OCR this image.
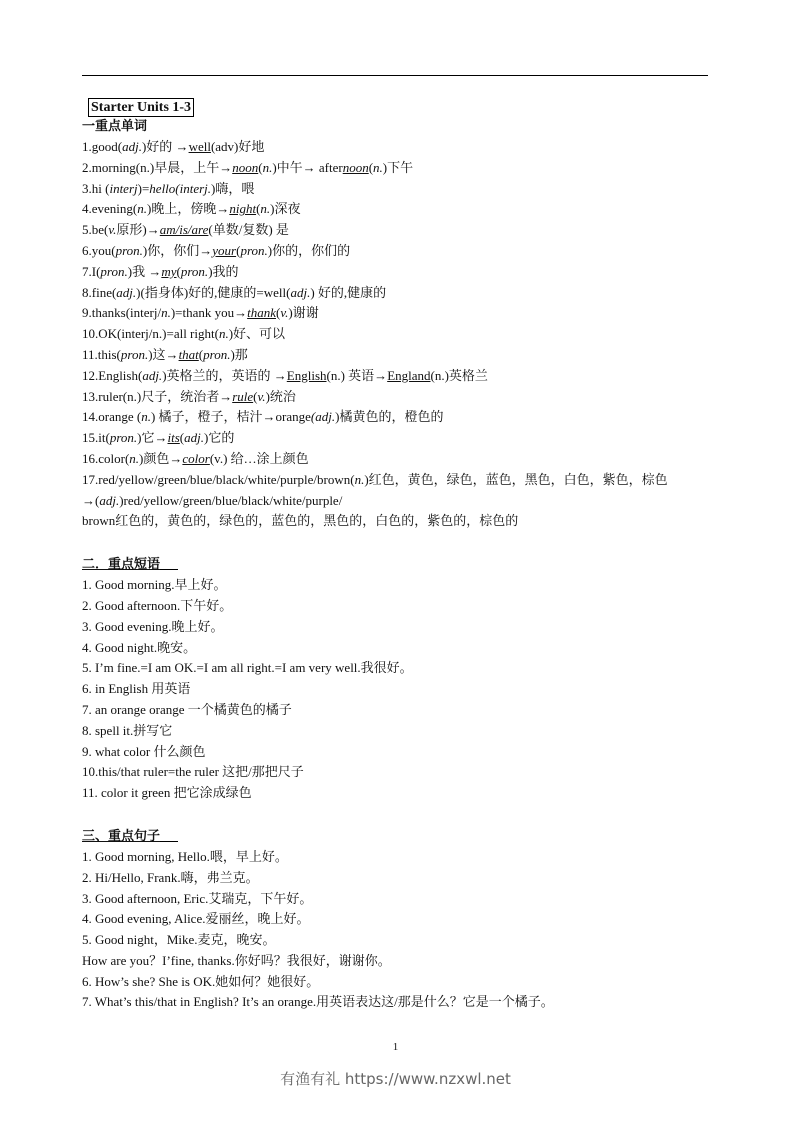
Starter Units 1-3
一重点单词
1.good(adj.)好的 →well(adv)好地
2.morning(n.)早晨，上午→noon(n.)中午→ afternoon(n.)下午
3.hi (interj)=hello(interj.)嗨，喂
4.evening(n.)晚上，傍晚→night(n.)深夜
5.be(v.原形)→am/is/are(单数/复数) 是
6.you(pron.)你，你们→your(pron.)你的，你们的
7.I(pron.)我 →my(pron.)我的
8.fine(adj.)(指身体)好的,健康的=well(adj.) 好的,健康的
9.thanks(interj/n.)=thank you→thank(v.)谢谢
10.OK(interj/n.)=all right(n.)好、可以
11.this(pron.)这→that(pron.)那
12.English(adj.)英格兰的，英语的 →English(n.) 英语→England(n.)英格兰
13.ruler(n.)尺子，统治者→rule(v.)统治
14.orange (n.) 橘子，橙子，桔汁→orange(adj.)橘黄色的，橙色的
15.it(pron.)它→its(adj.)它的
16.color(n.)颜色→color(v.) 给…涂上颜色
17.red/yellow/green/blue/black/white/purple/brown(n.)红色，黄色，绿色，蓝色，黑色，白色，紫色，棕色
→(adj.)red/yellow/green/blue/black/white/purple/
brown红色的，黄色的，绿色的，蓝色的，黑色的，白色的，紫色的，棕色的
二．重点短语
1. Good morning.早上好。
2. Good afternoon.下午好。
3. Good evening.晚上好。
4. Good night.晚安。
5. I’m fine.=I am OK.=I am all right.=I am very well.我很好。
6. in English 用英语
7. an orange orange 一个橘黄色的橘子
8. spell it.拼写它
9. what color 什么颜色
10.this/that ruler=the ruler 这把/那把尺子
11. color it green 把它涂成绿色
三、重点句子
1. Good morning, Hello.喂，早上好。
2. Hi/Hello, Frank.嗨，弗兰克。
3. Good afternoon, Eric.艾瑞克，下午好。
4. Good evening, Alice.爱丽丝，晚上好。
5. Good night，Mike.麦克，晚安。
How are you？I’fine, thanks.你好吗？我很好，谢谢你。
6. How’s she? She is OK.她如何？她很好。
7. What’s this/that in English? It’s an orange.用英语表达这/那是什么？它是一个橘子。
1
有渔有礼 https://www.nzxwl.net
